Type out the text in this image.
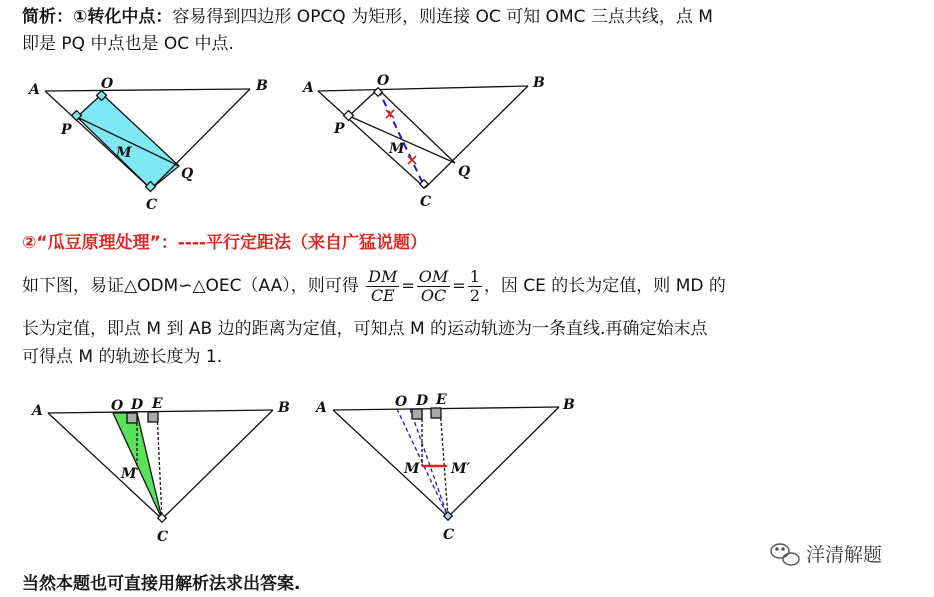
简析：①转化中点：容易得到四边形 OPCQ 为矩形，则连接 OC 可知 OMC 三点共线，点 M
即是 PQ 中点也是 OC 中点.
②“瓜豆原理处理”：----平行定距法（来自广猛说题）
如下图，易证△ODM∽△OEC（AA），则可得 $\frac{DM}{CE} = \frac{OM}{OC} = \frac{1}{2}$ ，因 CE 的长为定值，则 MD 的
长为定值，即点 M 到 AB 边的距离为定值，可知点 M 的运动轨迹为一条直线.再确定始末点
可得点 M 的轨迹长度为 1.
当然本题也可直接用解析法求出答案.
A	B
O
P
M
Q
C
A	B
O
P
M
Q
C
A	B
O D E
M
C
A	B
O D E
M M′
C
洋清解题
